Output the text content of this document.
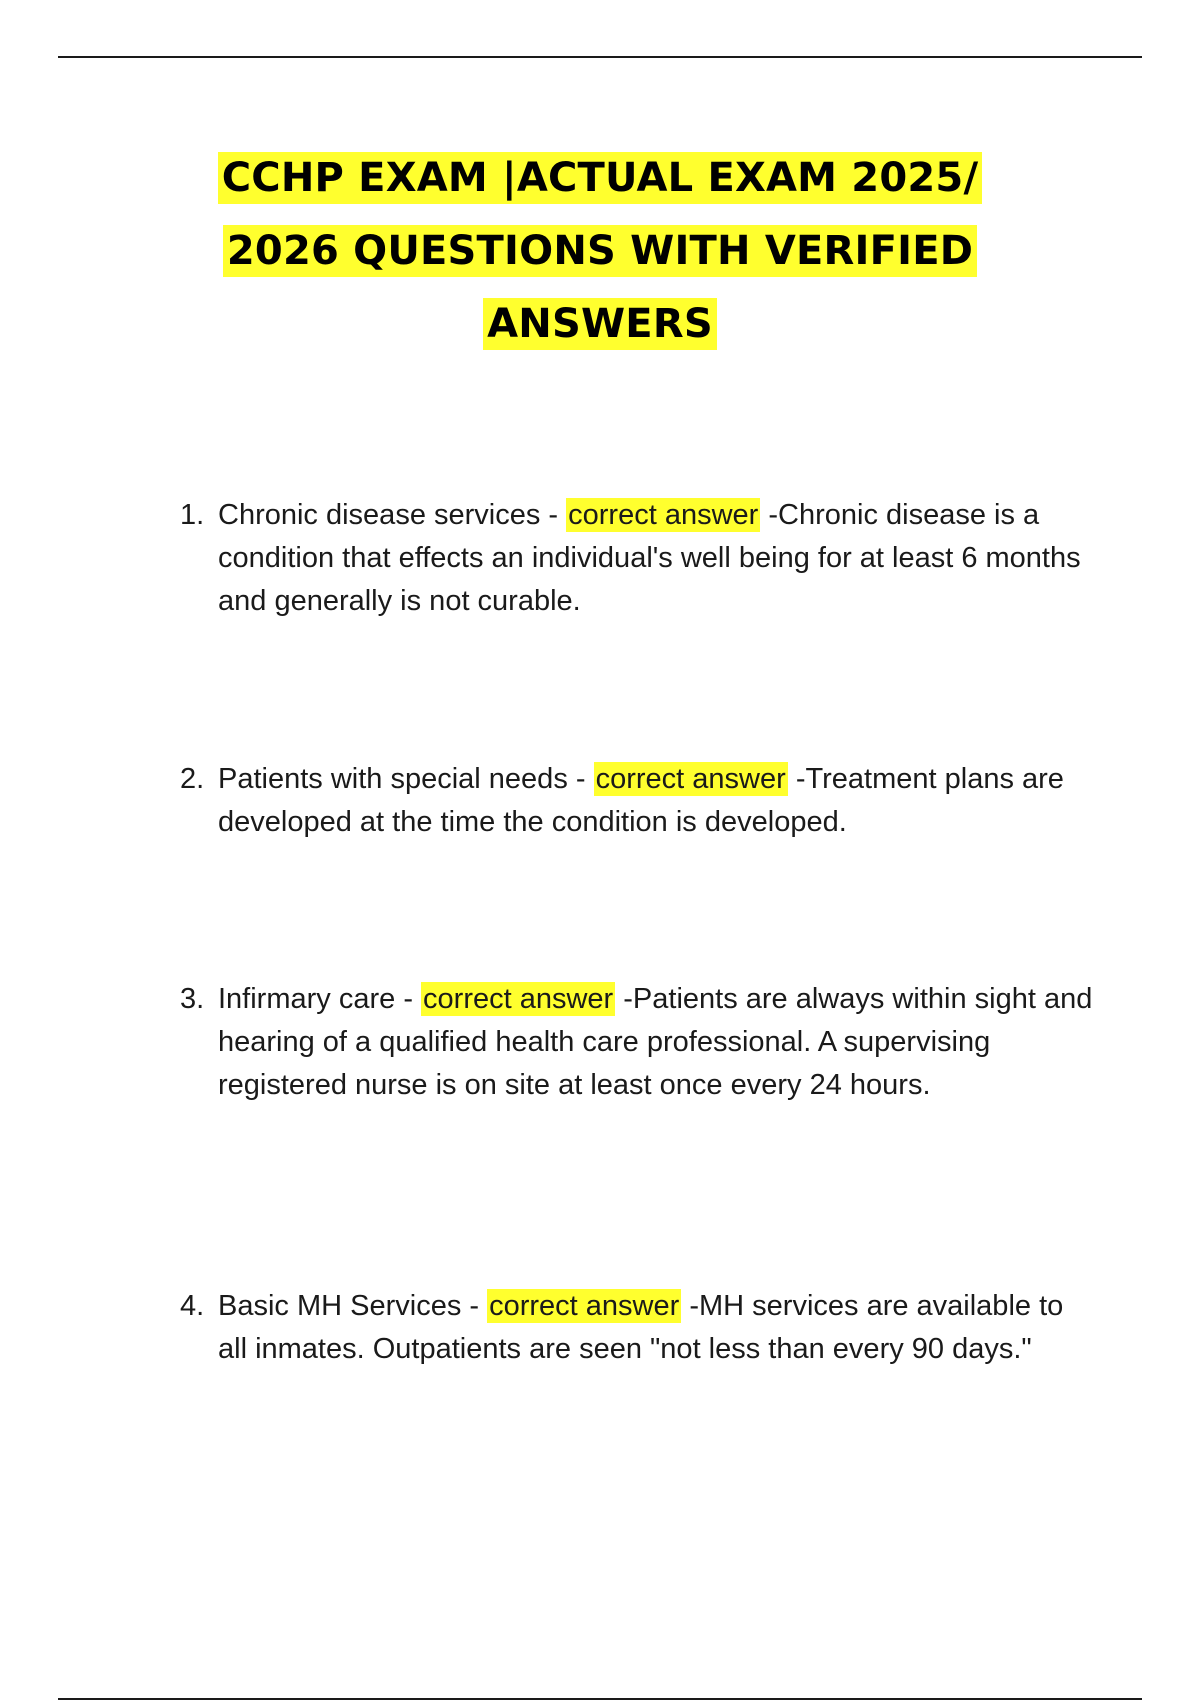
CCHP EXAM |ACTUAL EXAM 2025/
2026 QUESTIONS WITH VERIFIED
ANSWERS
1. Chronic disease services - correct answer -Chronic disease is a condition that effects an individual's well being for at least 6 months and generally is not curable.
2. Patients with special needs - correct answer -Treatment plans are developed at the time the condition is developed.
3. Infirmary care - correct answer -Patients are always within sight and hearing of a qualified health care professional. A supervising registered nurse is on site at least once every 24 hours.
4. Basic MH Services - correct answer -MH services are available to all inmates. Outpatients are seen "not less than every 90 days."
